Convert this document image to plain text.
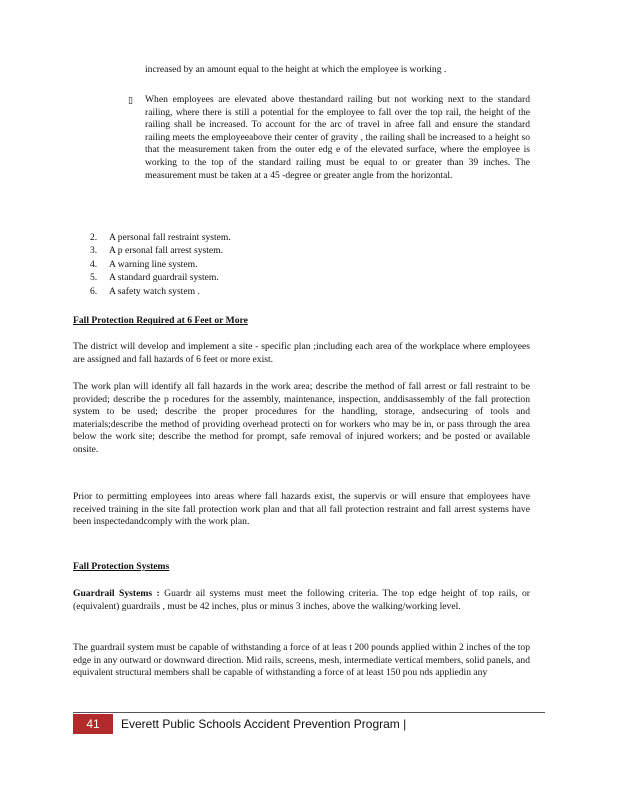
increased by an amount equal to the height at which the employee is working .
▯ When employees are elevated above thestandard railing but not working next to the standard railing, where there is still a potential for the employee to fall over the top rail, the height of the railing shall be increased. To account for the arc of travel in afree fall and ensure the standard railing meets the employeeabove their center of gravity , the railing shall be increased to a height so that the measurement taken from the outer edg e of the elevated surface, where the employee is working to the top of the standard railing must be equal to or greater than 39 inches. The measurement must be taken at a 45 -degree or greater angle from the horizontal.
2. A personal fall restraint system.
3. A p ersonal fall arrest system.
4. A warning line system.
5. A standard guardrail system.
6. A safety watch system .
Fall Protection Required at 6 Feet or More

The district will develop and implement a site - specific plan ;including each area of the workplace where employees are assigned and fall hazards of 6 feet or more exist.

The work plan will identify all fall hazards in the work area; describe the method of fall arrest or fall restraint to be provided; describe the p rocedures for the assembly, maintenance, inspection, anddisassembly of the fall protection system to be used; describe the proper procedures for the handling, storage, andsecuring of tools and materials;describe the method of providing overhead protecti on for workers who may be in, or pass through the area below the work site; describe the method for prompt, safe removal of injured workers; and be posted or available onsite.

Prior to permitting employees into areas where fall hazards exist, the supervis or will ensure that employees have received training in the site fall protection work plan and that all fall protection restraint and fall arrest systems have been inspectedandcomply with the work plan.

Fall Protection Systems

Guardrail Systems : Guardr ail systems must meet the following criteria. The top edge height of top rails, or (equivalent) guardrails , must be 42 inches, plus or minus 3 inches, above the walking/working level.

The guardrail system must be capable of withstanding a force of at leas t 200 pounds applied within 2 inches of the top edge in any outward or downward direction. Mid rails, screens, mesh, intermediate vertical members, solid panels, and equivalent structural members shall be capable of withstanding a force of at least 150 pou nds appliedin any

41	Everett Public Schools Accident Prevention Program |
